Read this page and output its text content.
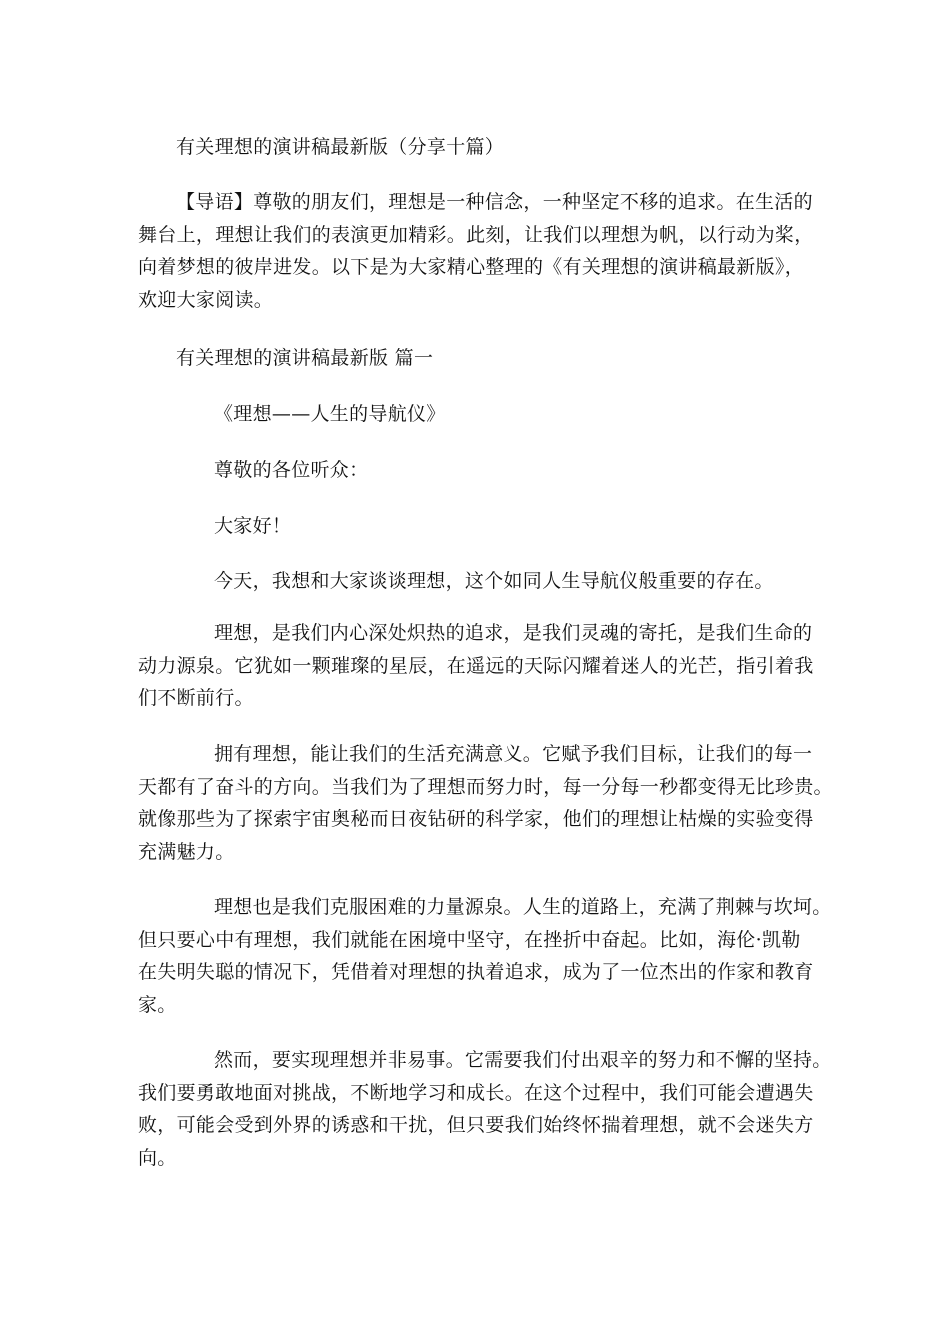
有关理想的演讲稿最新版（分享十篇）
【导语】尊敬的朋友们，理想是一种信念，一种坚定不移的追求。在生活的
舞台上，理想让我们的表演更加精彩。此刻，让我们以理想为帆，以行动为桨，
向着梦想的彼岸进发。以下是为大家精心整理的《有关理想的演讲稿最新版》，
欢迎大家阅读。
有关理想的演讲稿最新版 篇一
《理想——人生的导航仪》
尊敬的各位听众：
大家好！
今天，我想和大家谈谈理想，这个如同人生导航仪般重要的存在。
理想，是我们内心深处炽热的追求，是我们灵魂的寄托，是我们生命的
动力源泉。它犹如一颗璀璨的星辰，在遥远的天际闪耀着迷人的光芒，指引着我
们不断前行。
拥有理想，能让我们的生活充满意义。它赋予我们目标，让我们的每一
天都有了奋斗的方向。当我们为了理想而努力时，每一分每一秒都变得无比珍贵。
就像那些为了探索宇宙奥秘而日夜钻研的科学家，他们的理想让枯燥的实验变得
充满魅力。
理想也是我们克服困难的力量源泉。人生的道路上，充满了荆棘与坎坷。
但只要心中有理想，我们就能在困境中坚守，在挫折中奋起。比如，海伦·凯勒
在失明失聪的情况下，凭借着对理想的执着追求，成为了一位杰出的作家和教育
家。
然而，要实现理想并非易事。它需要我们付出艰辛的努力和不懈的坚持。
我们要勇敢地面对挑战，不断地学习和成长。在这个过程中，我们可能会遭遇失
败，可能会受到外界的诱惑和干扰，但只要我们始终怀揣着理想，就不会迷失方
向。
